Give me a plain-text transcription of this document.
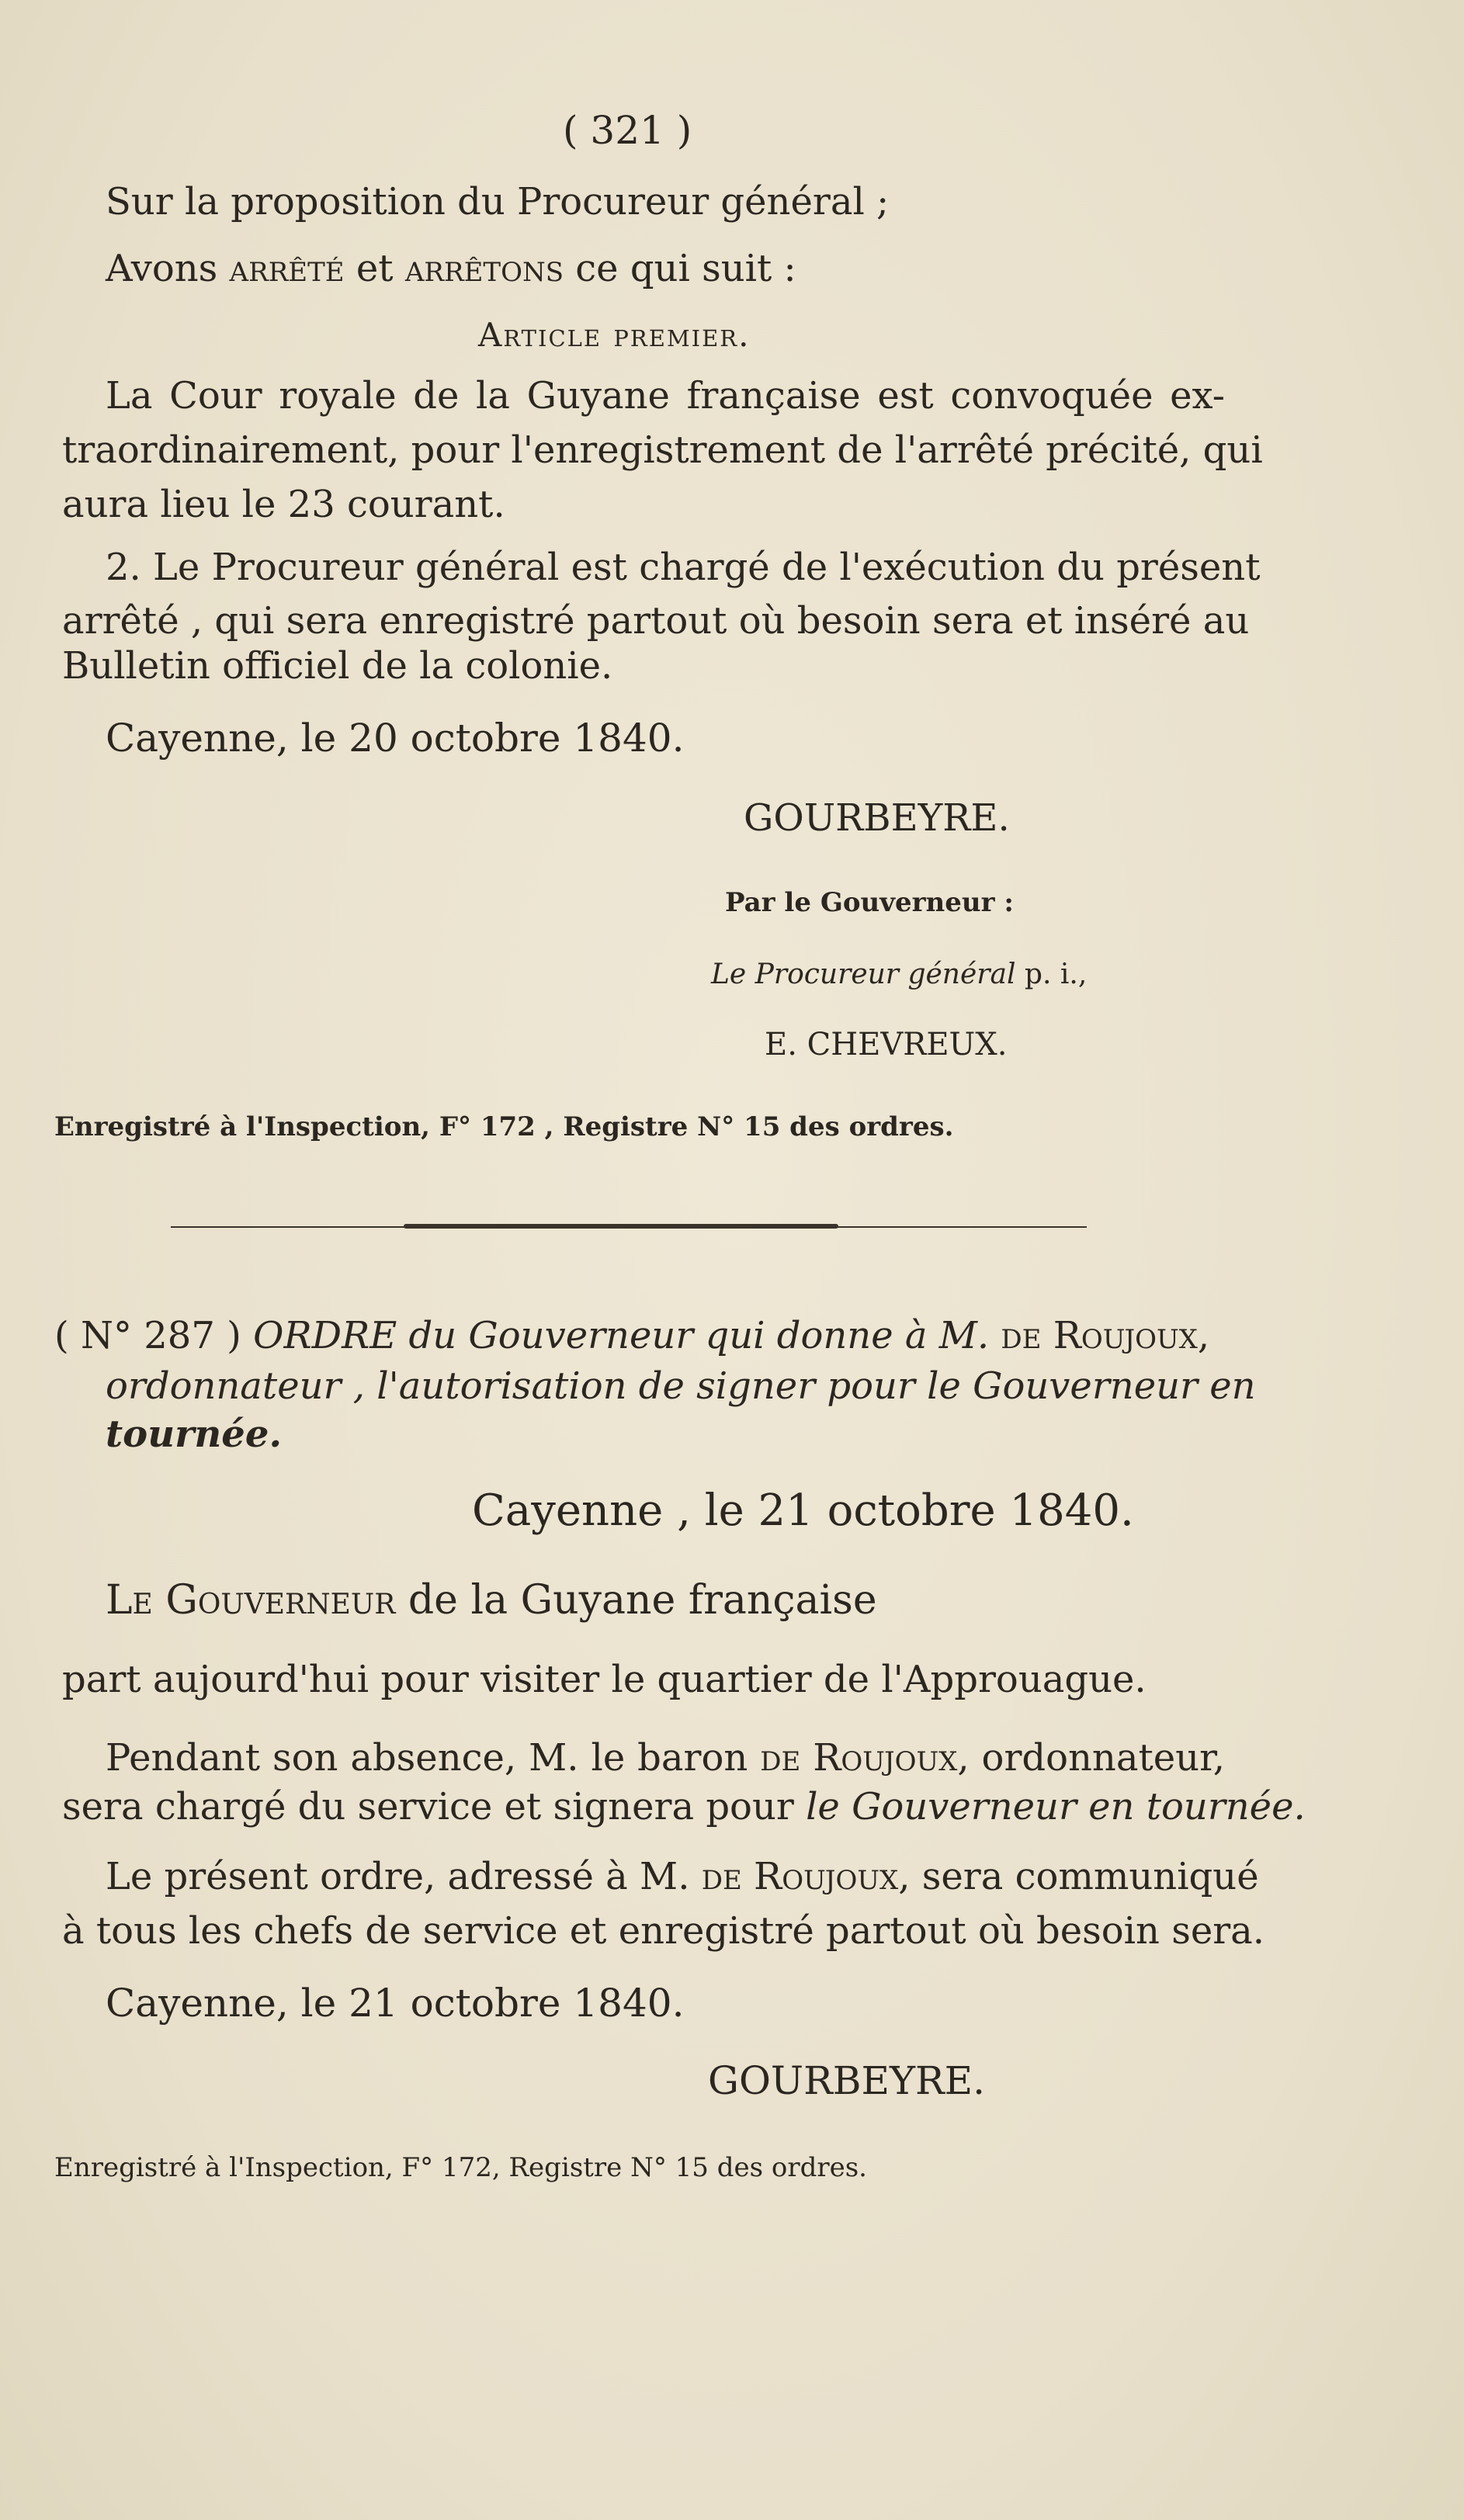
( 321 )
Sur la proposition du Procureur général ;
Avons arrêté et arrêtons ce qui suit :
Article premier.
La Cour royale de la Guyane française est convoquée ex-
traordinairement, pour l'enregistrement de l'arrêté précité, qui
aura lieu le 23 courant.
2. Le Procureur général est chargé de l'exécution du présent
arrêté , qui sera enregistré partout où besoin sera et inséré au
Bulletin officiel de la colonie.
Cayenne, le 20 octobre 1840.
GOURBEYRE.
Par le Gouverneur :
Le Procureur général p. i.,
E. CHEVREUX.
Enregistré à l'Inspection, F° 172 , Registre N° 15 des ordres.
( N° 287 ) ORDRE du Gouverneur qui donne à M. de Roujoux,
ordonnateur , l'autorisation de signer pour le Gouverneur en
tournée.
Cayenne , le 21 octobre 1840.
Le Gouverneur de la Guyane française
part aujourd'hui pour visiter le quartier de l'Approuague.
Pendant son absence, M. le baron de Roujoux, ordonnateur,
sera chargé du service et signera pour le Gouverneur en tournée.
Le présent ordre, adressé à M. de Roujoux, sera communiqué
à tous les chefs de service et enregistré partout où besoin sera.
Cayenne, le 21 octobre 1840.
GOURBEYRE.
Enregistré à l'Inspection, F° 172, Registre N° 15 des ordres.
